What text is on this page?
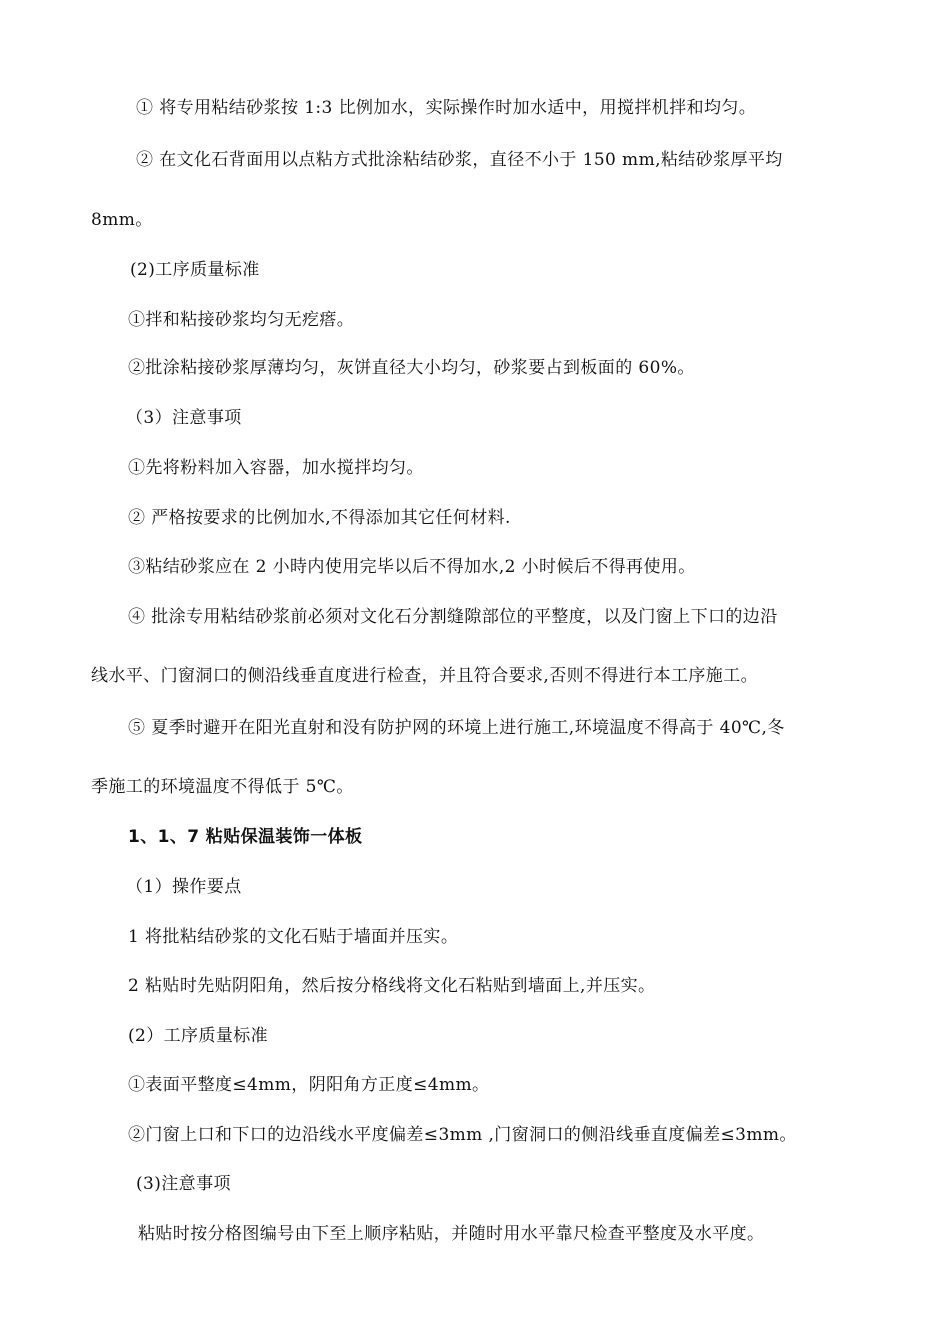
① 将专用粘结砂浆按 1:3 比例加水，实际操作时加水适中，用搅拌机拌和均匀。
② 在文化石背面用以点粘方式批涂粘结砂浆，直径不小于 150 mm,粘结砂浆厚平均
8mm。
(2)工序质量标准
①拌和粘接砂浆均匀无疙瘩。
②批涂粘接砂浆厚薄均匀，灰饼直径大小均匀，砂浆要占到板面的 60%。
（3）注意事项
①先将粉料加入容器，加水搅拌均匀。
② 严格按要求的比例加水,不得添加其它任何材料.
③粘结砂浆应在 2 小時内使用完毕以后不得加水,2 小时候后不得再使用。
④ 批涂专用粘结砂浆前必须对文化石分割缝隙部位的平整度，以及门窗上下口的边沿
线水平、门窗洞口的侧沿线垂直度进行检查，并且符合要求,否则不得进行本工序施工。
⑤ 夏季时避开在阳光直射和没有防护网的环境上进行施工,环境温度不得高于 40℃,冬
季施工的环境温度不得低于 5℃。
1、1、7 粘贴保温装饰一体板
（1）操作要点
1 将批粘结砂浆的文化石贴于墙面并压实。
2 粘贴时先贴阴阳角，然后按分格线将文化石粘贴到墙面上,并压实。
(2）工序质量标准
①表面平整度≤4mm，阴阳角方正度≤4mm。
②门窗上口和下口的边沿线水平度偏差≤3mm ,门窗洞口的侧沿线垂直度偏差≤3mm。
(3)注意事项
粘贴时按分格图编号由下至上顺序粘贴，并随时用水平靠尺检查平整度及水平度。
